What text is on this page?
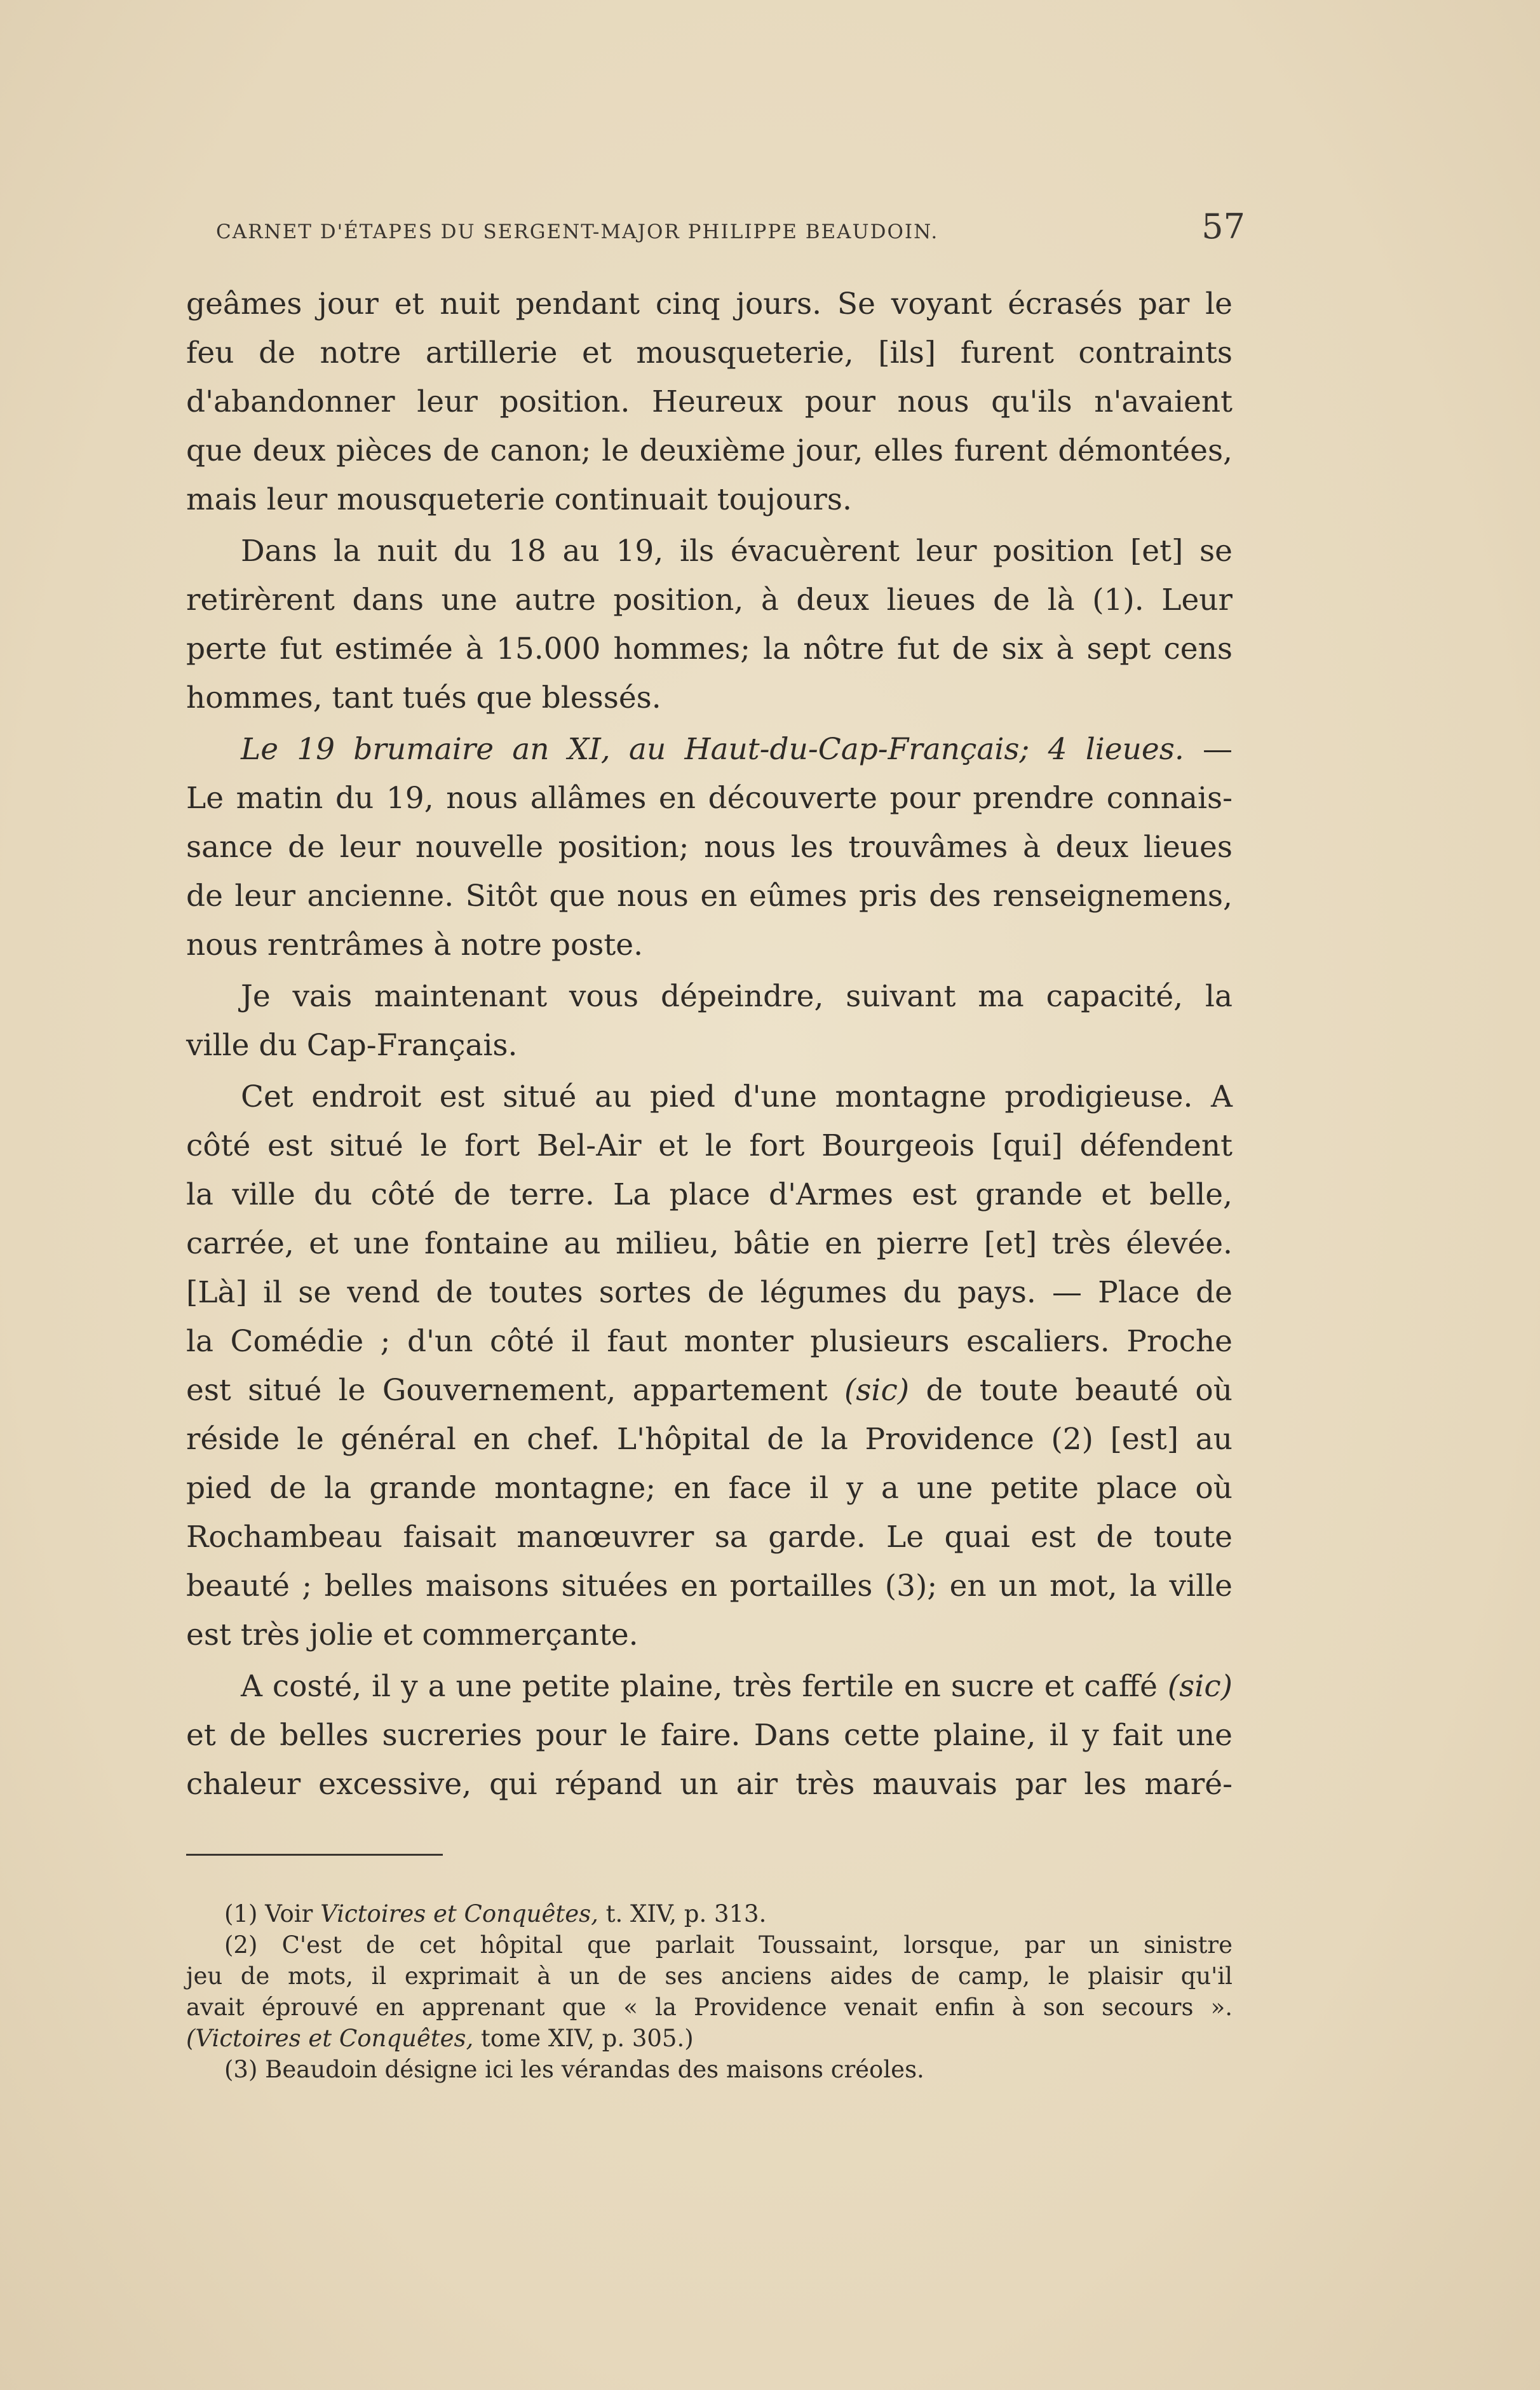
CARNET D'ÉTAPES DU SERGENT-MAJOR PHILIPPE BEAUDOIN.	57
geâmes jour et nuit pendant cinq jours. Se voyant écrasés par le
feu de notre artillerie et mousqueterie, [ils] furent contraints
d'abandonner leur position. Heureux pour nous qu'ils n'avaient
que deux pièces de canon; le deuxième jour, elles furent démontées,
mais leur mousqueterie continuait toujours.
Dans la nuit du 18 au 19, ils évacuèrent leur position [et] se
retirèrent dans une autre position, à deux lieues de là (1). Leur
perte fut estimée à 15.000 hommes; la nôtre fut de six à sept cens
hommes, tant tués que blessés.
Le 19 brumaire an XI, au Haut-du-Cap-Français; 4 lieues. —
Le matin du 19, nous allâmes en découverte pour prendre connais-
sance de leur nouvelle position; nous les trouvâmes à deux lieues
de leur ancienne. Sitôt que nous en eûmes pris des renseignemens,
nous rentrâmes à notre poste.
Je vais maintenant vous dépeindre, suivant ma capacité, la
ville du Cap-Français.
Cet endroit est situé au pied d'une montagne prodigieuse. A
côté est situé le fort Bel-Air et le fort Bourgeois [qui] défendent
la ville du côté de terre. La place d'Armes est grande et belle,
carrée, et une fontaine au milieu, bâtie en pierre [et] très élevée.
[Là] il se vend de toutes sortes de légumes du pays. — Place de
la Comédie ; d'un côté il faut monter plusieurs escaliers. Proche
est situé le Gouvernement, appartement (sic) de toute beauté où
réside le général en chef. L'hôpital de la Providence (2) [est] au
pied de la grande montagne; en face il y a une petite place où
Rochambeau faisait manœuvrer sa garde. Le quai est de toute
beauté ; belles maisons situées en portailles (3); en un mot, la ville
est très jolie et commerçante.
A costé, il y a une petite plaine, très fertile en sucre et caffé (sic)
et de belles sucreries pour le faire. Dans cette plaine, il y fait une
chaleur excessive, qui répand un air très mauvais par les maré-
(1) Voir Victoires et Conquêtes, t. XIV, p. 313.
(2) C'est de cet hôpital que parlait Toussaint, lorsque, par un sinistre
jeu de mots, il exprimait à un de ses anciens aides de camp, le plaisir qu'il
avait éprouvé en apprenant que « la Providence venait enfin à son secours ».
(Victoires et Conquêtes, tome XIV, p. 305.)
(3) Beaudoin désigne ici les vérandas des maisons créoles.
